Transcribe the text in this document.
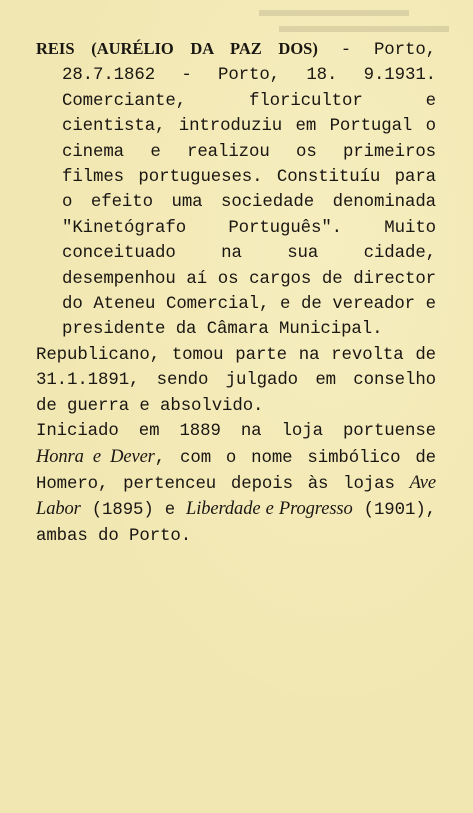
REIS (AURÉLIO DA PAZ DOS) - Porto, 28.7.1862 - Porto, 18. 9.1931. Comerciante, floricultor e cientista, introduziu em Portugal o cinema e realizou os primeiros filmes portugueses. Constituíu para o efeito uma sociedade denominada "Kinetógrafo Português". Muito conceituado na sua cidade, desempenhou aí os cargos de director do Ateneu Comercial, e de vereador e presidente da Câmara Municipal.

Republicano, tomou parte na revolta de 31.1.1891, sendo julgado em conselho de guerra e absolvido.

Iniciado em 1889 na loja portuense Honra e Dever, com o nome simbólico de Homero, pertenceu depois às lojas Ave Labor (1895) e Liberdade e Progresso (1901), ambas do Porto.
